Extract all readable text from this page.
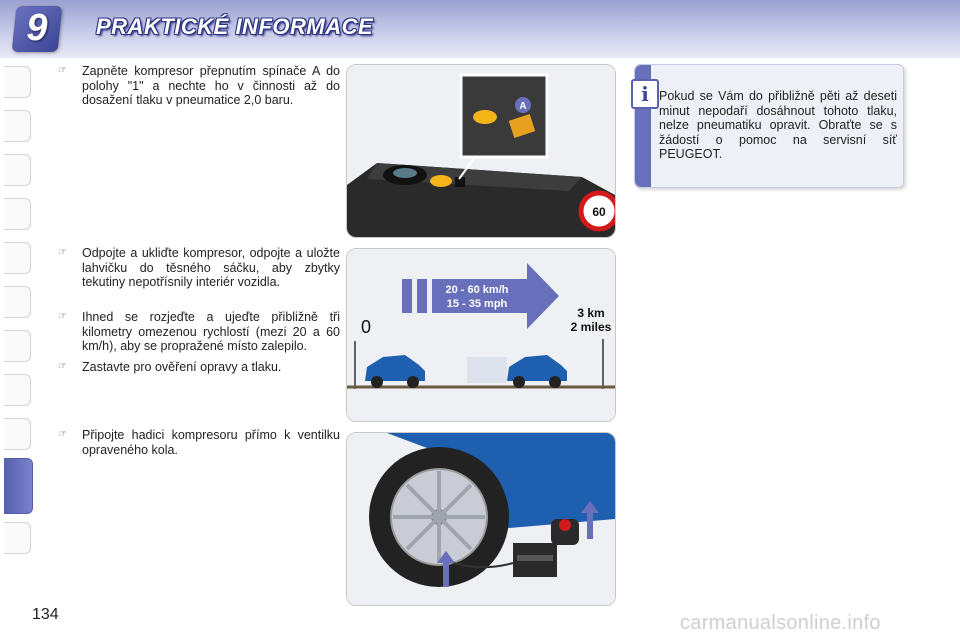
9	PRAKTICKÉ INFORMACE
☞ Zapněte kompresor přepnutím spínače A do polohy "1" a nechte ho v činnosti až do dosažení tlaku v pneumatice 2,0 baru.
☞ Odpojte a ukliďte kompresor, odpojte a uložte lahvičku do těsného sáčku, aby zbytky tekutiny nepotřísnily interiér vozidla.
☞ Ihned se rozjeďte a ujeďte přibližně tři kilometry omezenou rychlostí (mezi 20 a 60 km/h), aby se propražené místo zalepilo.
☞ Zastavte pro ověření opravy a tlaku.
☞ Připojte hadici kompresoru přímo k ventilku opraveného kola.
60
A
20 - 60 km/h
15 - 35 mph
0
3 km
2 miles
i Pokud se Vám do přibližně pěti až deseti minut nepodaří dosáhnout tohoto tlaku, nelze pneumatiku opravit. Obraťte se s žádostí o pomoc na servisní síť PEUGEOT.
134	carmanualsonline.info
